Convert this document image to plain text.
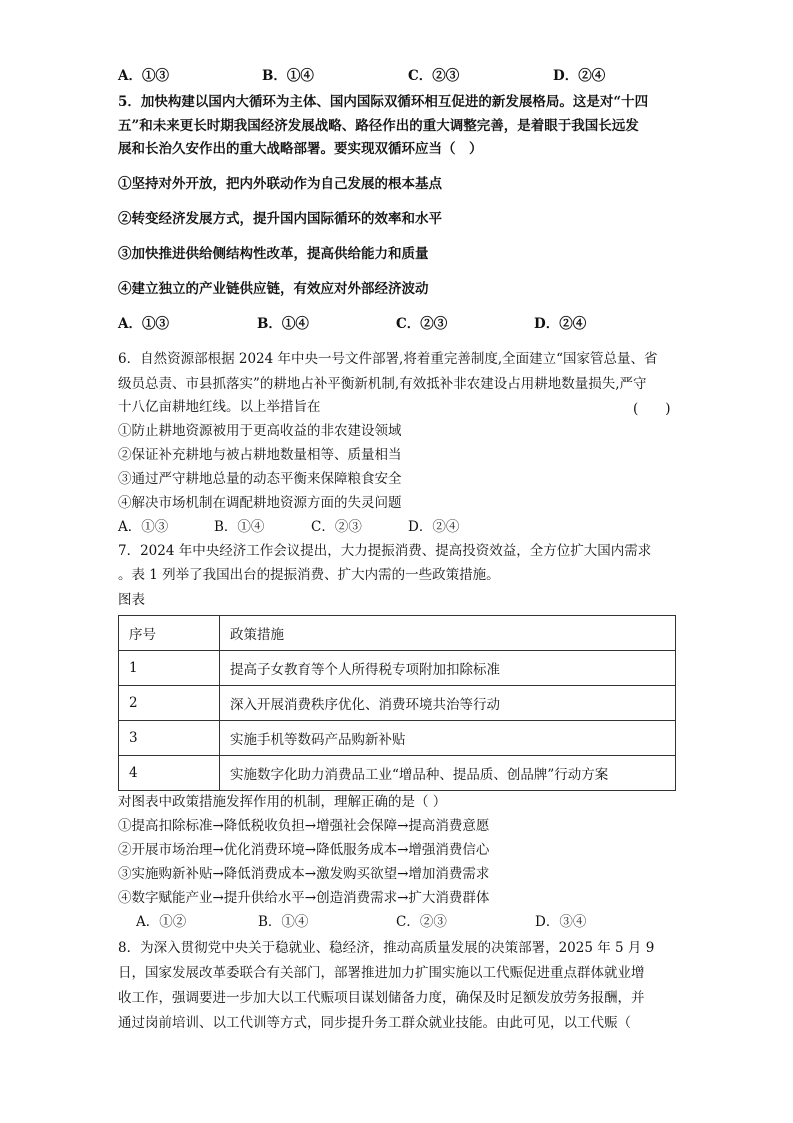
A．①③	B．①④	C．②③	D．②④
5．加快构建以国内大循环为主体、国内国际双循环相互促进的新发展格局。这是对“十四
五”和未来更长时期我国经济发展战略、路径作出的重大调整完善，是着眼于我国长远发
展和长治久安作出的重大战略部署。要实现双循环应当（　）
①坚持对外开放，把内外联动作为自己发展的根本基点
②转变经济发展方式，提升国内国际循环的效率和水平
③加快推进供给侧结构性改革，提高供给能力和质量
④建立独立的产业链供应链，有效应对外部经济波动
A．①③	B．①④	C．②③	D．②④
6．自然资源部根据 2024 年中央一号文件部署,将着重完善制度,全面建立“国家管总量、省
级员总责、市县抓落实”的耕地占补平衡新机制,有效抵补非农建设占用耕地数量损失,严守
十八亿亩耕地红线。以上举措旨在	(　　)
①防止耕地资源被用于更高收益的非农建设领域
②保证补充耕地与被占耕地数量相等、质量相当
③通过严守耕地总量的动态平衡来保障粮食安全
④解决市场机制在调配耕地资源方面的失灵问题
A．①③	B．①④	C．②③	D．②④
7．2024 年中央经济工作会议提出，大力提振消费、提高投资效益，全方位扩大国内需求
。表 1 列举了我国出台的提振消费、扩大内需的一些政策措施。
图表
序号	政策措施
1	提高子女教育等个人所得税专项附加扣除标准
2	深入开展消费秩序优化、消费环境共治等行动
3	实施手机等数码产品购新补贴
4	实施数字化助力消费品工业“增品种、提品质、创品牌”行动方案
对图表中政策措施发挥作用的机制，理解正确的是（ ）
①提高扣除标准→降低税收负担→增强社会保障→提高消费意愿
②开展市场治理→优化消费环境→降低服务成本→增强消费信心
③实施购新补贴→降低消费成本→激发购买欲望→增加消费需求
④数字赋能产业→提升供给水平→创造消费需求→扩大消费群体
A．①②	B．①④	C．②③	D．③④
8．为深入贯彻党中央关于稳就业、稳经济，推动高质量发展的决策部署，2025 年 5 月 9
日，国家发展改革委联合有关部门，部署推进加力扩围实施以工代赈促进重点群体就业增
收工作，强调要进一步加大以工代赈项目谋划储备力度，确保及时足额发放劳务报酬，并
通过岗前培训、以工代训等方式，同步提升务工群众就业技能。由此可见，以工代赈（
